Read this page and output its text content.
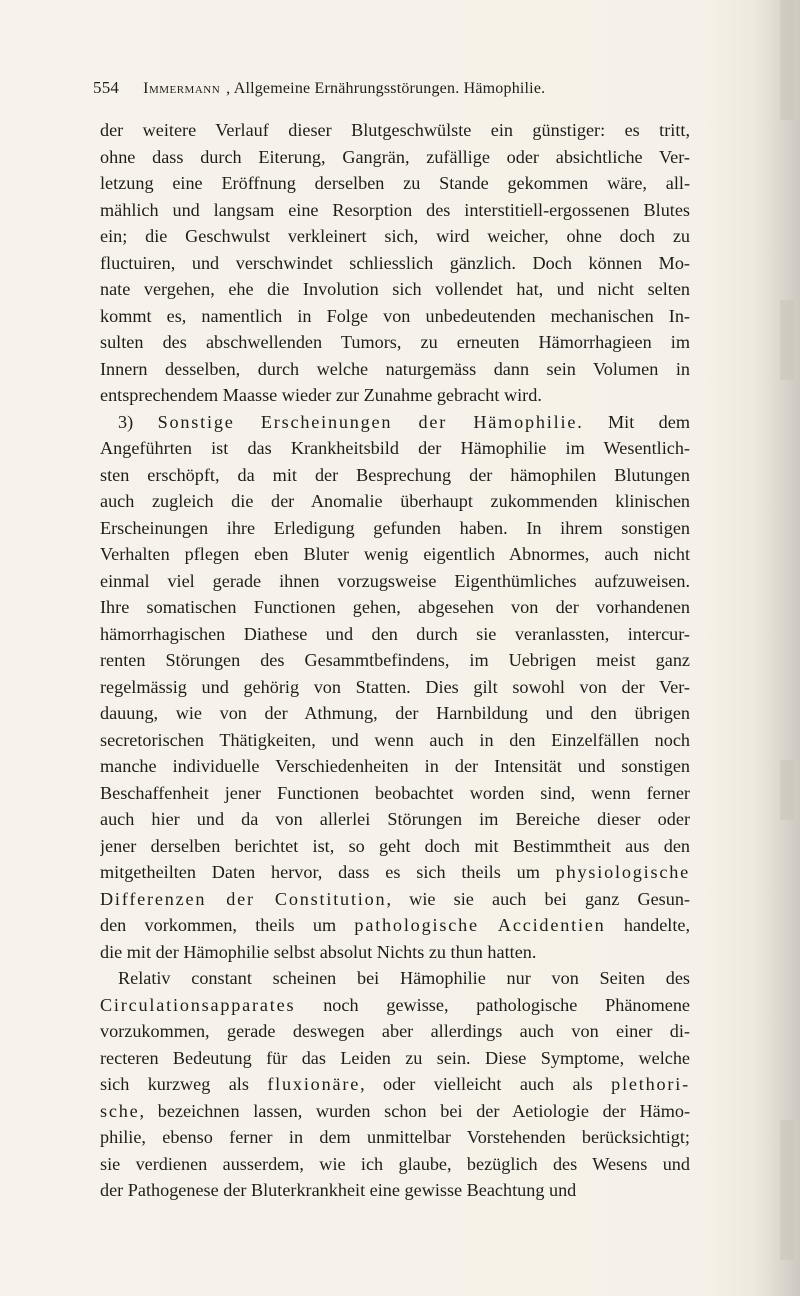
554 Immermann , Allgemeine Ernährungsstörungen. Hämophilie.
der weitere Verlauf dieser Blutgeschwülste ein günstiger: es tritt,
ohne dass durch Eiterung, Gangrän, zufällige oder absichtliche Ver-
letzung eine Eröffnung derselben zu Stande gekommen wäre, all-
mählich und langsam eine Resorption des interstitiell-ergossenen Blutes
ein; die Geschwulst verkleinert sich, wird weicher, ohne doch zu
fluctuiren, und verschwindet schliesslich gänzlich. Doch können Mo-
nate vergehen, ehe die Involution sich vollendet hat, und nicht selten
kommt es, namentlich in Folge von unbedeutenden mechanischen In-
sulten des abschwellenden Tumors, zu erneuten Hämorrhagieen im
Innern desselben, durch welche naturgemäss dann sein Volumen in
entsprechendem Maasse wieder zur Zunahme gebracht wird.
3) Sonstige Erscheinungen der Hämophilie. Mit dem
Angeführten ist das Krankheitsbild der Hämophilie im Wesentlich-
sten erschöpft, da mit der Besprechung der hämophilen Blutungen
auch zugleich die der Anomalie überhaupt zukommenden klinischen
Erscheinungen ihre Erledigung gefunden haben. In ihrem sonstigen
Verhalten pflegen eben Bluter wenig eigentlich Abnormes, auch nicht
einmal viel gerade ihnen vorzugsweise Eigenthümliches aufzuweisen.
Ihre somatischen Functionen gehen, abgesehen von der vorhandenen
hämorrhagischen Diathese und den durch sie veranlassten, intercur-
renten Störungen des Gesammtbefindens, im Uebrigen meist ganz
regelmässig und gehörig von Statten. Dies gilt sowohl von der Ver-
dauung, wie von der Athmung, der Harnbildung und den übrigen
secretorischen Thätigkeiten, und wenn auch in den Einzelfällen noch
manche individuelle Verschiedenheiten in der Intensität und sonstigen
Beschaffenheit jener Functionen beobachtet worden sind, wenn ferner
auch hier und da von allerlei Störungen im Bereiche dieser oder
jener derselben berichtet ist, so geht doch mit Bestimmtheit aus den
mitgetheilten Daten hervor, dass es sich theils um physiologische
Differenzen der Constitution, wie sie auch bei ganz Gesun-
den vorkommen, theils um pathologische Accidentien handelte,
die mit der Hämophilie selbst absolut Nichts zu thun hatten.
Relativ constant scheinen bei Hämophilie nur von Seiten des
Circulationsapparates noch gewisse, pathologische Phänomene
vorzukommen, gerade deswegen aber allerdings auch von einer di-
recteren Bedeutung für das Leiden zu sein. Diese Symptome, welche
sich kurzweg als fluxionäre, oder vielleicht auch als plethori-
sche, bezeichnen lassen, wurden schon bei der Aetiologie der Hämo-
philie, ebenso ferner in dem unmittelbar Vorstehenden berücksichtigt;
sie verdienen ausserdem, wie ich glaube, bezüglich des Wesens und
der Pathogenese der Bluterkrankheit eine gewisse Beachtung und
